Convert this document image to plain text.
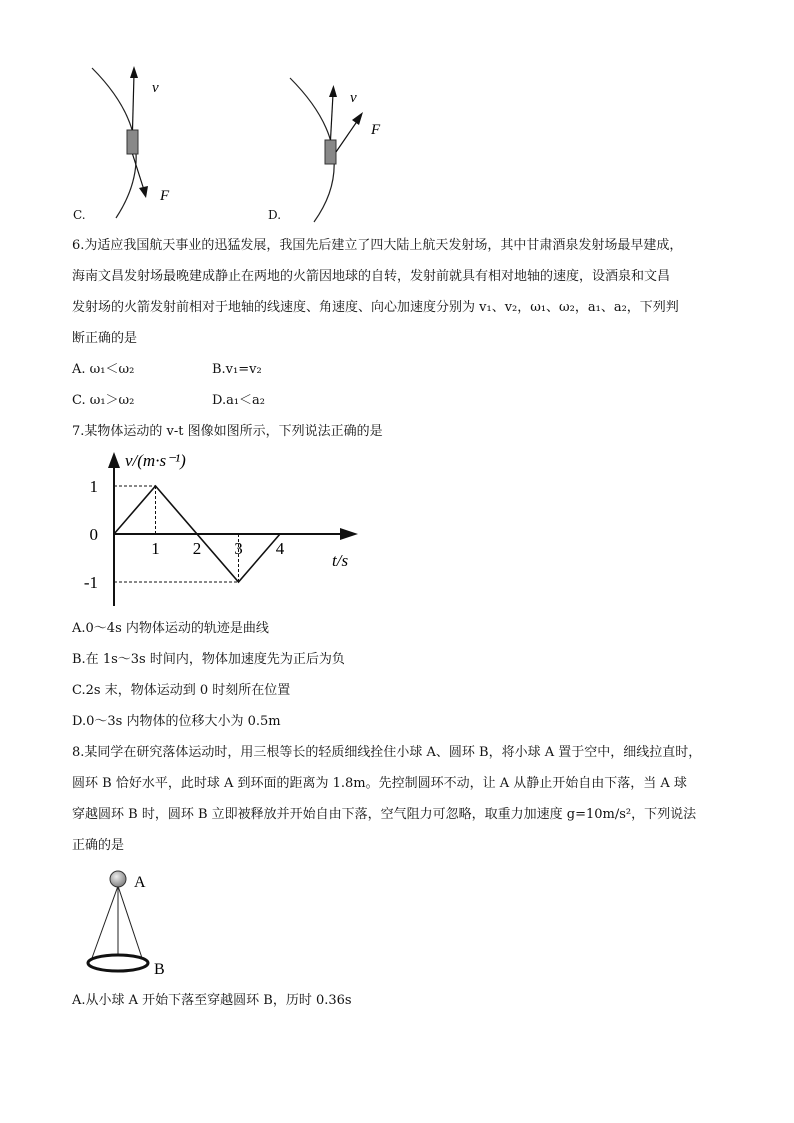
v
F
C.
v
F
D.
6.为适应我国航天事业的迅猛发展，我国先后建立了四大陆上航天发射场，其中甘肃酒泉发射场最早建成，
海南文昌发射场最晚建成静止在两地的火箭因地球的自转，发射前就具有相对地轴的速度，设酒泉和文昌
发射场的火箭发射前相对于地轴的线速度、角速度、向心加速度分别为 v₁、v₂，ω₁、ω₂，a₁、a₂，下列判
断正确的是
A. ω₁＜ω₂	B.v₁=v₂
C. ω₁＞ω₂	D.a₁＜a₂
7.某物体运动的 v-t 图像如图所示，下列说法正确的是
1 2 3 4
1
0
-1
v/(m·s⁻¹)
t/s
A.0～4s 内物体运动的轨迹是曲线
B.在 1s～3s 时间内，物体加速度先为正后为负
C.2s 末，物体运动到 0 时刻所在位置
D.0～3s 内物体的位移大小为 0.5m
8.某同学在研究落体运动时，用三根等长的轻质细线拴住小球 A、圆环 B，将小球 A 置于空中，细线拉直时，
圆环 B 恰好水平，此时球 A 到环面的距离为 1.8m。先控制圆环不动，让 A 从静止开始自由下落，当 A 球
穿越圆环 B 时，圆环 B 立即被释放并开始自由下落，空气阻力可忽略，取重力加速度 g=10m/s²，下列说法
正确的是
A
B
A.从小球 A 开始下落至穿越圆环 B，历时 0.36s
